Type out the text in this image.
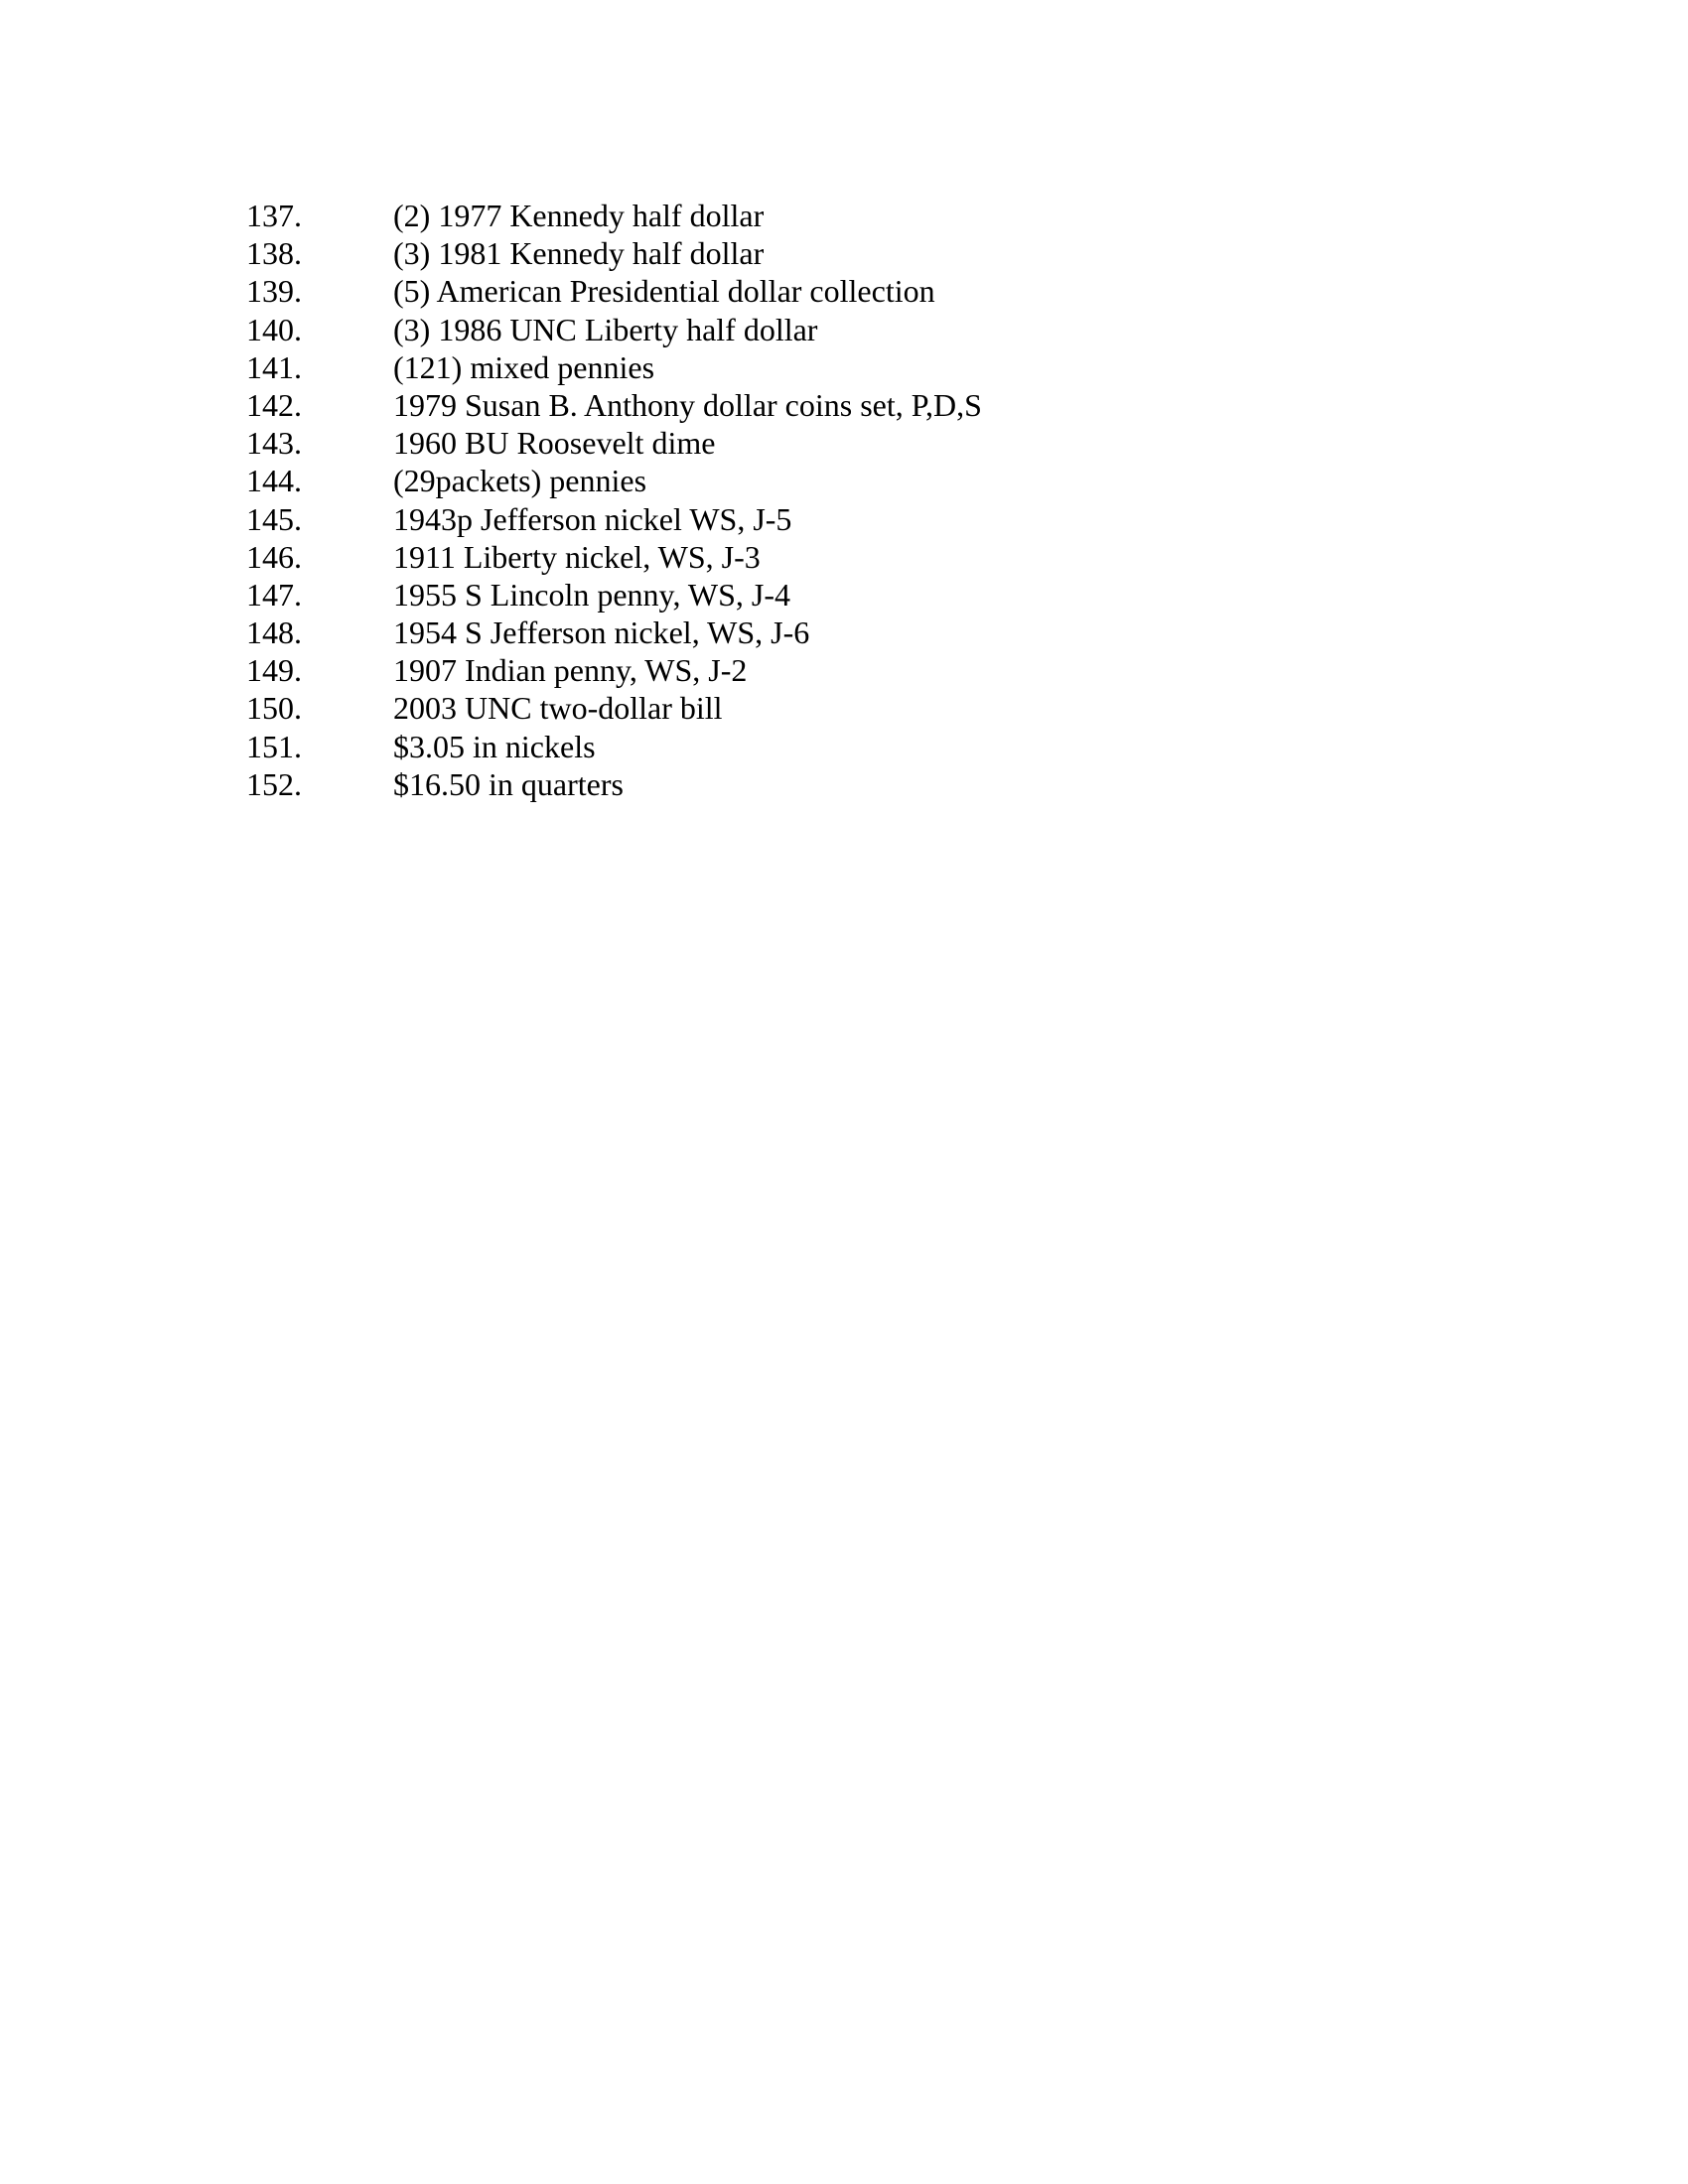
137.	(2) 1977 Kennedy half dollar
138.	(3) 1981 Kennedy half dollar
139.	(5) American Presidential dollar collection
140.	(3) 1986 UNC Liberty half dollar
141.	(121) mixed pennies
142.	1979 Susan B. Anthony dollar coins set, P,D,S
143.	1960 BU Roosevelt dime
144.	(29packets) pennies
145.	1943p Jefferson nickel WS, J-5
146.	1911 Liberty nickel, WS, J-3
147.	1955 S Lincoln penny, WS, J-4
148.	1954 S Jefferson nickel, WS, J-6
149.	1907 Indian penny, WS, J-2
150.	2003 UNC two-dollar bill
151.	$3.05 in nickels
152.	$16.50 in quarters
